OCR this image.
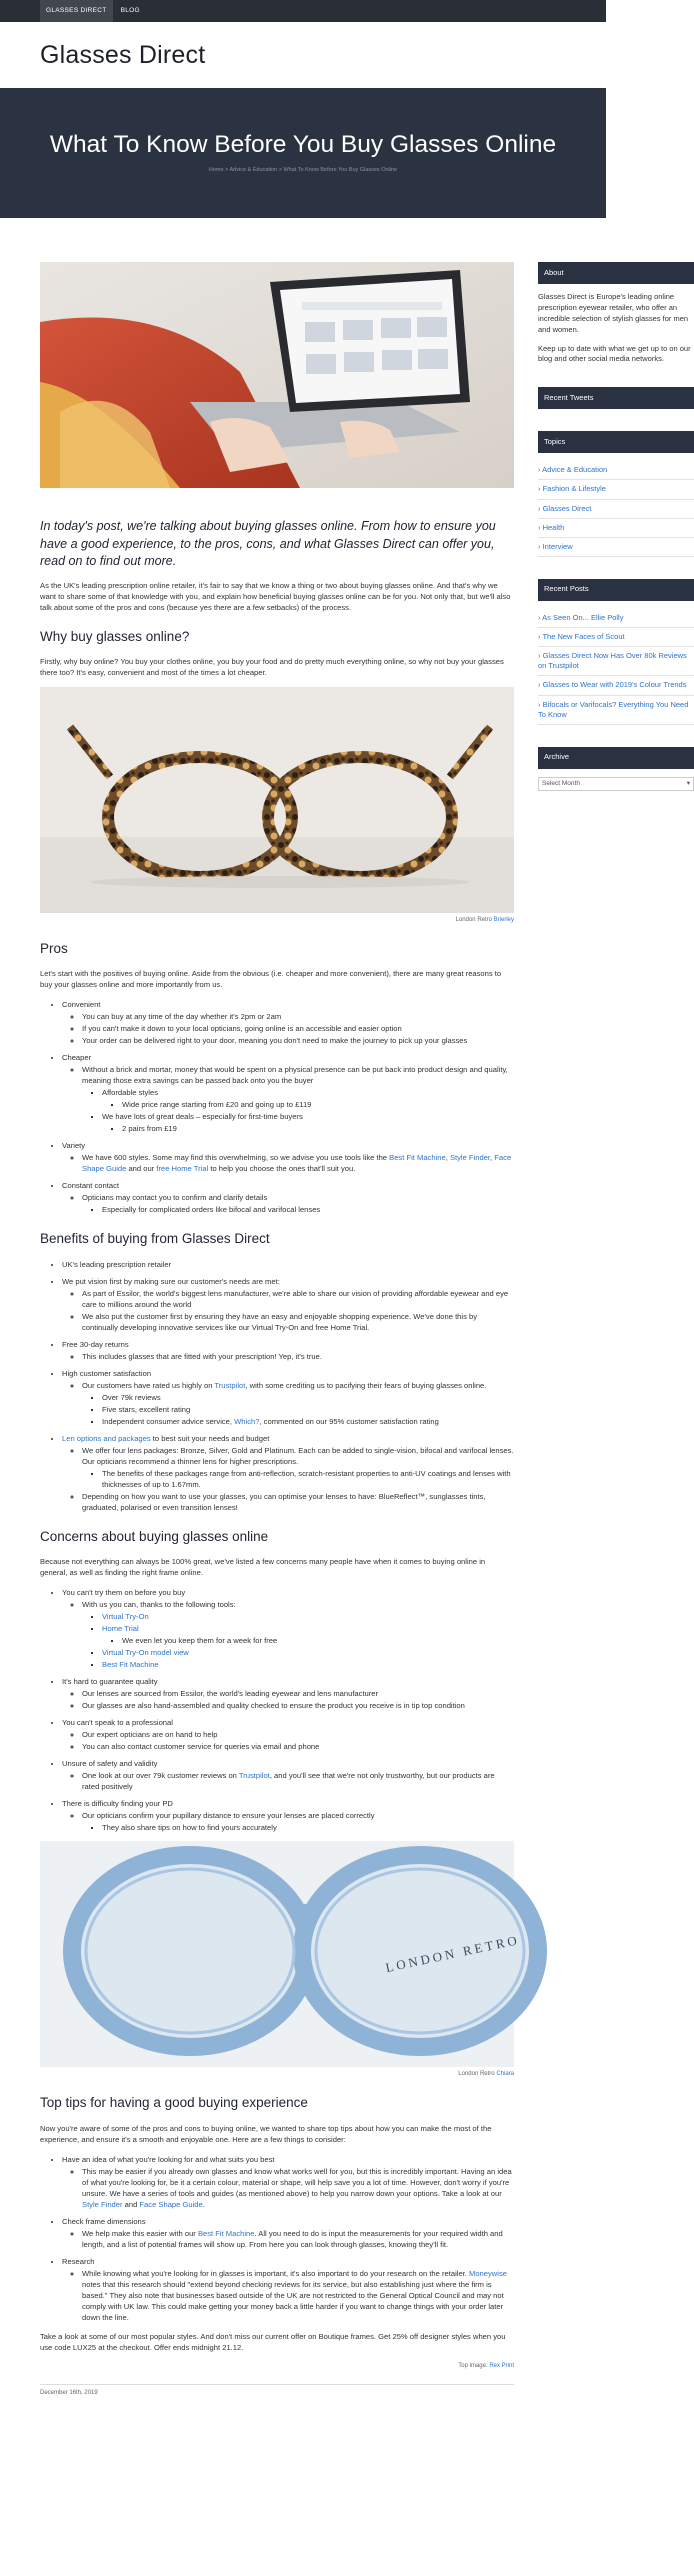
GLASSES DIRECT	BLOG
Glasses Direct
What To Know Before You Buy Glasses Online
Home > Advice & Education > What To Know Before You Buy Glasses Online

In today's post, we're talking about buying glasses online. From how to ensure you have a good experience, to the pros, cons, and what Glasses Direct can offer you, read on to find out more.

As the UK's leading prescription online retailer, it's fair to say that we know a thing or two about buying glasses online. And that's why we want to share some of that knowledge with you, and explain how beneficial buying glasses online can be for you. Not only that, but we'll also talk about some of the pros and cons (because yes there are a few setbacks) of the process.

Why buy glasses online?

Firstly, why buy online? You buy your clothes online, you buy your food and do pretty much everything online, so why not buy your glasses there too? It's easy, convenient and most of the times a lot cheaper.

London Retro Brierley
Pros

Let's start with the positives of buying online. Aside from the obvious (i.e. cheaper and more convenient), there are many great reasons to buy your glasses online and more importantly from us.

• Convenient
◦ You can buy at any time of the day whether it's 2pm or 2am
◦ If you can't make it down to your local opticians, going online is an accessible and easier option
◦ Your order can be delivered right to your door, meaning you don't need to make the journey to pick up your glasses
• Cheaper
◦ Without a brick and mortar, money that would be spent on a physical presence can be put back into product design and quality, meaning those extra savings can be passed back onto you the buyer
▪ Affordable styles
▪ Wide price range starting from £20 and going up to £119
▪ We have lots of great deals – especially for first-time buyers
▪ 2 pairs from £19
• Variety
◦ We have 600 styles. Some may find this overwhelming, so we advise you use tools like the Best Fit Machine, Style Finder, Face Shape Guide and our free Home Trial to help you choose the ones that'll suit you.
• Constant contact
◦ Opticians may contact you to confirm and clarify details
▪ Especially for complicated orders like bifocal and varifocal lenses
Benefits of buying from Glasses Direct
• UK's leading prescription retailer
• We put vision first by making sure our customer's needs are met:
◦ As part of Essilor, the world's biggest lens manufacturer, we're able to share our vision of providing affordable eyewear and eye care to millions around the world
◦ We also put the customer first by ensuring they have an easy and enjoyable shopping experience. We've done this by continually developing innovative services like our Virtual Try-On and free Home Trial.
• Free 30-day returns
◦ This includes glasses that are fitted with your prescription! Yep, it's true.
• High customer satisfaction
◦ Our customers have rated us highly on Trustpilot, with some crediting us to pacifying their fears of buying glasses online.
▪ Over 79k reviews
▪ Five stars, excellent rating
▪ Independent consumer advice service, Which?, commented on our 95% customer satisfaction rating
• Len options and packages to best suit your needs and budget
◦ We offer four lens packages: Bronze, Silver, Gold and Platinum. Each can be added to single-vision, bifocal and varifocal lenses. Our opticians recommend a thinner lens for higher prescriptions.
▪ The benefits of these packages range from anti-reflection, scratch-resistant properties to anti-UV coatings and lenses with thicknesses of up to 1.67mm.
◦ Depending on how you want to use your glasses, you can optimise your lenses to have: BlueReflect™, sunglasses tints, graduated, polarised or even transition lenses!
Concerns about buying glasses online

Because not everything can always be 100% great, we've listed a few concerns many people have when it comes to buying online in general, as well as finding the right frame online.

• You can't try them on before you buy
◦ With us you can, thanks to the following tools:
▪ Virtual Try-On
▪ Home Trial
▪ We even let you keep them for a week for free
▪ Virtual Try-On model view
▪ Best Fit Machine
• It's hard to guarantee quality
◦ Our lenses are sourced from Essilor, the world's leading eyewear and lens manufacturer
◦ Our glasses are also hand-assembled and quality checked to ensure the product you receive is in tip top condition
• You can't speak to a professional
◦ Our expert opticians are on hand to help
◦ You can also contact customer service for queries via email and phone
• Unsure of safety and validity
◦ One look at our over 79k customer reviews on Trustpilot, and you'll see that we're not only trustworthy, but our products are rated positively
• There is difficulty finding your PD
◦ Our opticians confirm your pupillary distance to ensure your lenses are placed correctly
▪ They also share tips on how to find yours accurately
LONDON RETRO
London Retro Chiara
Top tips for having a good buying experience

Now you're aware of some of the pros and cons to buying online, we wanted to share top tips about how you can make the most of the experience, and ensure it's a smooth and enjoyable one. Here are a few things to consider:

• Have an idea of what you're looking for and what suits you best
◦ This may be easier if you already own glasses and know what works well for you, but this is incredibly important. Having an idea of what you're looking for, be it a certain colour, material or shape, will help save you a lot of time. However, don't worry if you're unsure. We have a series of tools and guides (as mentioned above) to help you narrow down your options. Take a look at our Style Finder and Face Shape Guide.
• Check frame dimensions
◦ We help make this easier with our Best Fit Machine. All you need to do is input the measurements for your required width and length, and a list of potential frames will show up. From here you can look through glasses, knowing they'll fit.
• Research
◦ While knowing what you're looking for in glasses is important, it's also important to do your research on the retailer. Moneywise notes that this research should "extend beyond checking reviews for its service, but also establishing just where the firm is based." They also note that businesses based outside of the UK are not restricted to the General Optical Council and may not comply with UK law. This could make getting your money back a little harder if you want to change things with your order later down the line.

Take a look at some of our most popular styles. And don't miss our current offer on Boutique frames. Get 25% off designer styles when you use code LUX25 at the checkout. Offer ends midnight 21.12.

Top image: Rex Print
December 16th, 2019
About

Glasses Direct is Europe's leading online prescription eyewear retailer, who offer an incredible selection of stylish glasses for men and women.

Keep up to date with what we get up to on our blog and other social media networks.

Recent Tweets
Topics
› Advice & Education
› Fashion & Lifestyle
› Glasses Direct
› Health
› Interview
Recent Posts
› As Seen On... Ellie Polly
› The New Faces of Scout
› Glasses Direct Now Has Over 80k Reviews on Trustpilot
› Glasses to Wear with 2019's Colour Trends
› Bifocals or Varifocals? Everything You Need To Know
Archive
Select Month	▾
